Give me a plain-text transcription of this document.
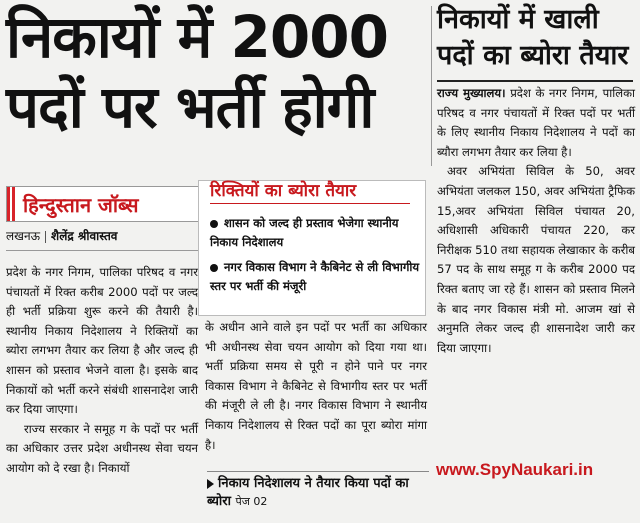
निकायों में 2000
पदों पर भर्ती होगी
निकायों में खाली
पदों का ब्योरा तैयार

राज्य मुख्यालय। प्रदेश के नगर निगम, पालिका परिषद व नगर पंचायतों में रिक्त पदों पर भर्ती के लिए स्थानीय निकाय निदेशालय ने पदों का ब्यौरा लगभग तैयार कर लिया है।

अवर अभियंता सिविल के 50, अवर अभियंता जलकल 150, अवर अभियंता ट्रैफिक 15,अवर अभियंता सिविल पंचायत 20, अधिशासी अधिकारी पंचायत 220, कर निरीक्षक 510 तथा सहायक लेखाकार के करीब 57 पद के साथ समूह ग के करीब 2000 पद रिक्त बताए जा रहे हैं। शासन को प्रस्ताव मिलने के बाद नगर विकास मंत्री मो. आजम खां से अनुमति लेकर जल्द ही शासनादेश जारी कर दिया जाएगा।

हिन्दुस्तान जॉब्स
लखनऊ शैलेंद्र श्रीवास्तव

प्रदेश के नगर निगम, पालिका परिषद व नगर पंचायतों में रिक्त करीब 2000 पदों पर जल्द ही भर्ती प्रक्रिया शुरू करने की तैयारी है। स्थानीय निकाय निदेशालय ने रिक्तियों का ब्योरा लगभग तैयार कर लिया है और जल्द ही शासन को प्रस्ताव भेजने वाला है। इसके बाद निकायों को भर्ती करने संबंधी शासनादेश जारी कर दिया जाएगा।

राज्य सरकार ने समूह ग के पदों पर भर्ती का अधिकार उत्तर प्रदेश अधीनस्थ सेवा चयन आयोग को दे रखा है। निकायों

रिक्तियों का ब्योरा तैयार
शासन को जल्द ही प्रस्ताव भेजेगा स्थानीय निकाय निदेशालय
नगर विकास विभाग ने कैबिनेट से ली विभागीय स्तर पर भर्ती की मंजूरी

के अधीन आने वाले इन पदों पर भर्ती का अधिकार भी अधीनस्थ सेवा चयन आयोग को दिया गया था। भर्ती प्रक्रिया समय से पूरी न होने पाने पर नगर विकास विभाग ने कैबिनेट से विभागीय स्तर पर भर्ती की मंजूरी ले ली है। नगर विकास विभाग ने स्थानीय निकाय निदेशालय से रिक्त पदों का पूरा ब्योरा मांगा है।

निकाय निदेशालय ने तैयार किया पदों का ब्योरा पेज 02
www.SpyNaukari.in
